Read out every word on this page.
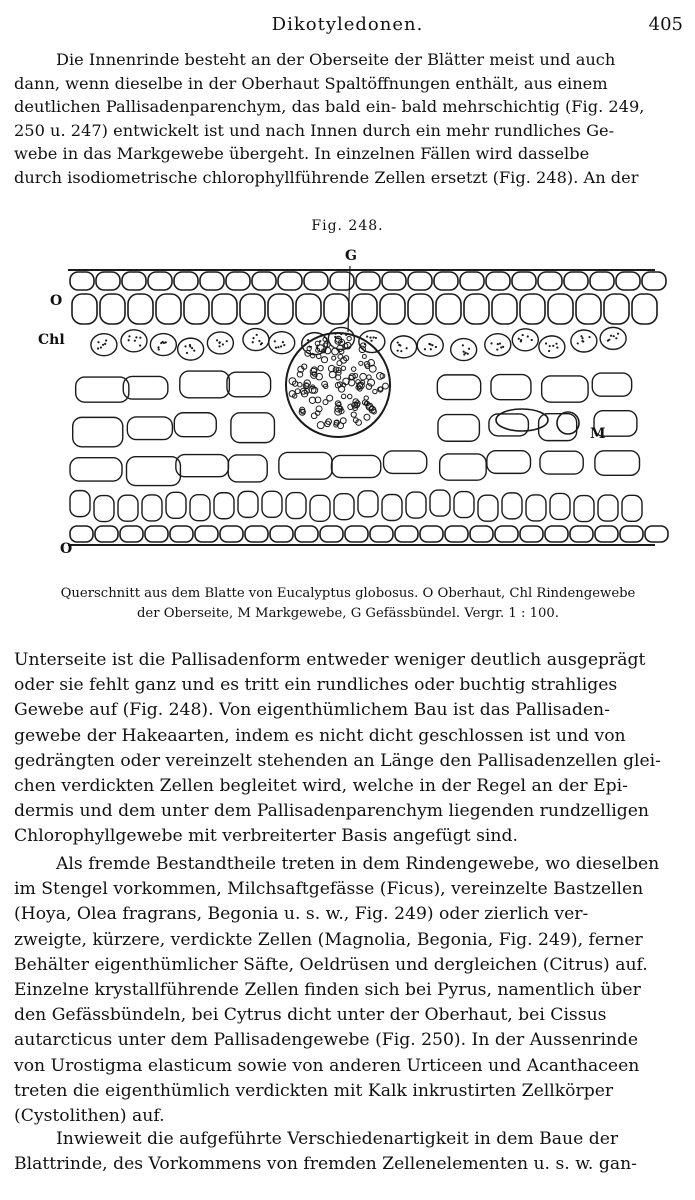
Dikotyledonen.	405

Die Innenrinde besteht an der Oberseite der Blätter meist und auch
dann, wenn dieselbe in der Oberhaut Spaltöffnungen enthält, aus einem
deutlichen Pallisadenparenchym, das bald ein- bald mehrschichtig (Fig. 249,
250 u. 247) entwickelt ist und nach Innen durch ein mehr rundliches Ge-
webe in das Markgewebe übergeht. In einzelnen Fällen wird dasselbe
durch isodiometrische chlorophyllführende Zellen ersetzt (Fig. 248). An der

Fig. 248.
G
O
Chl
M
O

Querschnitt aus dem Blatte von Eucalyptus globosus. O Oberhaut, Chl Rindengewebe
der Oberseite, M Markgewebe, G Gefässbündel. Vergr. 1 : 100.

Unterseite ist die Pallisadenform entweder weniger deutlich ausgeprägt
oder sie fehlt ganz und es tritt ein rundliches oder buchtig strahliges
Gewebe auf (Fig. 248). Von eigenthümlichem Bau ist das Pallisaden-
gewebe der Hakeaarten, indem es nicht dicht geschlossen ist und von
gedrängten oder vereinzelt stehenden an Länge den Pallisadenzellen glei-
chen verdickten Zellen begleitet wird, welche in der Regel an der Epi-
dermis und dem unter dem Pallisadenparenchym liegenden rundzelligen
Chlorophyllgewebe mit verbreiterter Basis angefügt sind.

Als fremde Bestandtheile treten in dem Rindengewebe, wo dieselben
im Stengel vorkommen, Milchsaftgefässe (Ficus), vereinzelte Bastzellen
(Hoya, Olea fragrans, Begonia u. s. w., Fig. 249) oder zierlich ver-
zweigte, kürzere, verdickte Zellen (Magnolia, Begonia, Fig. 249), ferner
Behälter eigenthümlicher Säfte, Oeldrüsen und dergleichen (Citrus) auf.
Einzelne krystallführende Zellen finden sich bei Pyrus, namentlich über
den Gefässbündeln, bei Cytrus dicht unter der Oberhaut, bei Cissus
autarcticus unter dem Pallisadengewebe (Fig. 250). In der Aussenrinde
von Urostigma elasticum sowie von anderen Urticeen und Acanthaceen
treten die eigenthümlich verdickten mit Kalk inkrustirten Zellkörper
(Cystolithen) auf.

Inwieweit die aufgeführte Verschiedenartigkeit in dem Baue der
Blattrinde, des Vorkommens von fremden Zellenelementen u. s. w. gan-
